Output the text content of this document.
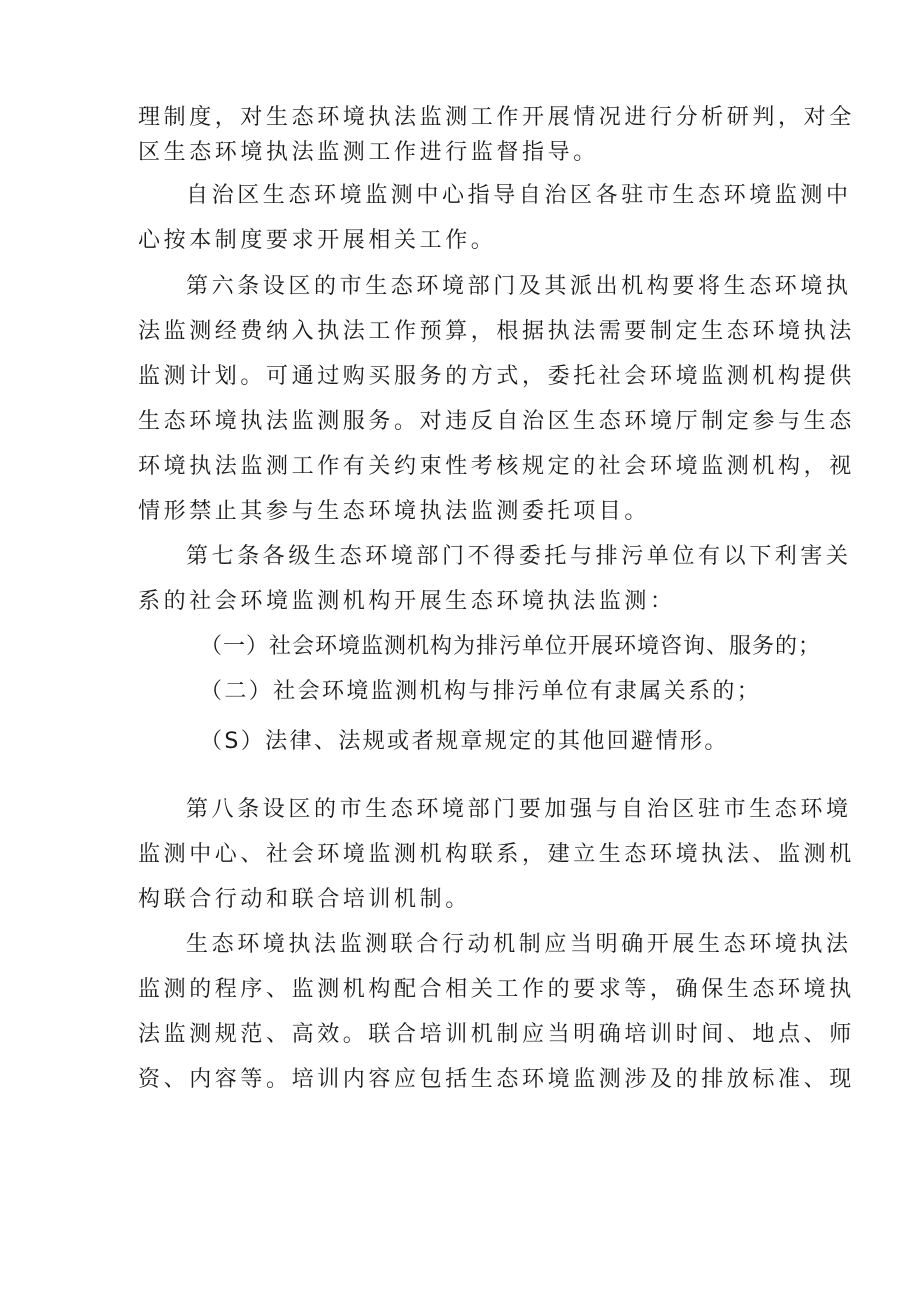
理制度，对生态环境执法监测工作开展情况进行分析研判，对全
区生态环境执法监测工作进行监督指导。
自治区生态环境监测中心指导自治区各驻市生态环境监测中
心按本制度要求开展相关工作。
第六条设区的市生态环境部门及其派出机构要将生态环境执
法监测经费纳入执法工作预算，根据执法需要制定生态环境执法
监测计划。可通过购买服务的方式，委托社会环境监测机构提供
生态环境执法监测服务。对违反自治区生态环境厅制定参与生态
环境执法监测工作有关约束性考核规定的社会环境监测机构，视
情形禁止其参与生态环境执法监测委托项目。
第七条各级生态环境部门不得委托与排污单位有以下利害关
系的社会环境监测机构开展生态环境执法监测：
（一）社会环境监测机构为排污单位开展环境咨询、服务的；
（二）社会环境监测机构与排污单位有隶属关系的；
（S）法律、法规或者规章规定的其他回避情形。
第八条设区的市生态环境部门要加强与自治区驻市生态环境
监测中心、社会环境监测机构联系，建立生态环境执法、监测机
构联合行动和联合培训机制。
生态环境执法监测联合行动机制应当明确开展生态环境执法
监测的程序、监测机构配合相关工作的要求等，确保生态环境执
法监测规范、高效。联合培训机制应当明确培训时间、地点、师
资、内容等。培训内容应包括生态环境监测涉及的排放标准、现
